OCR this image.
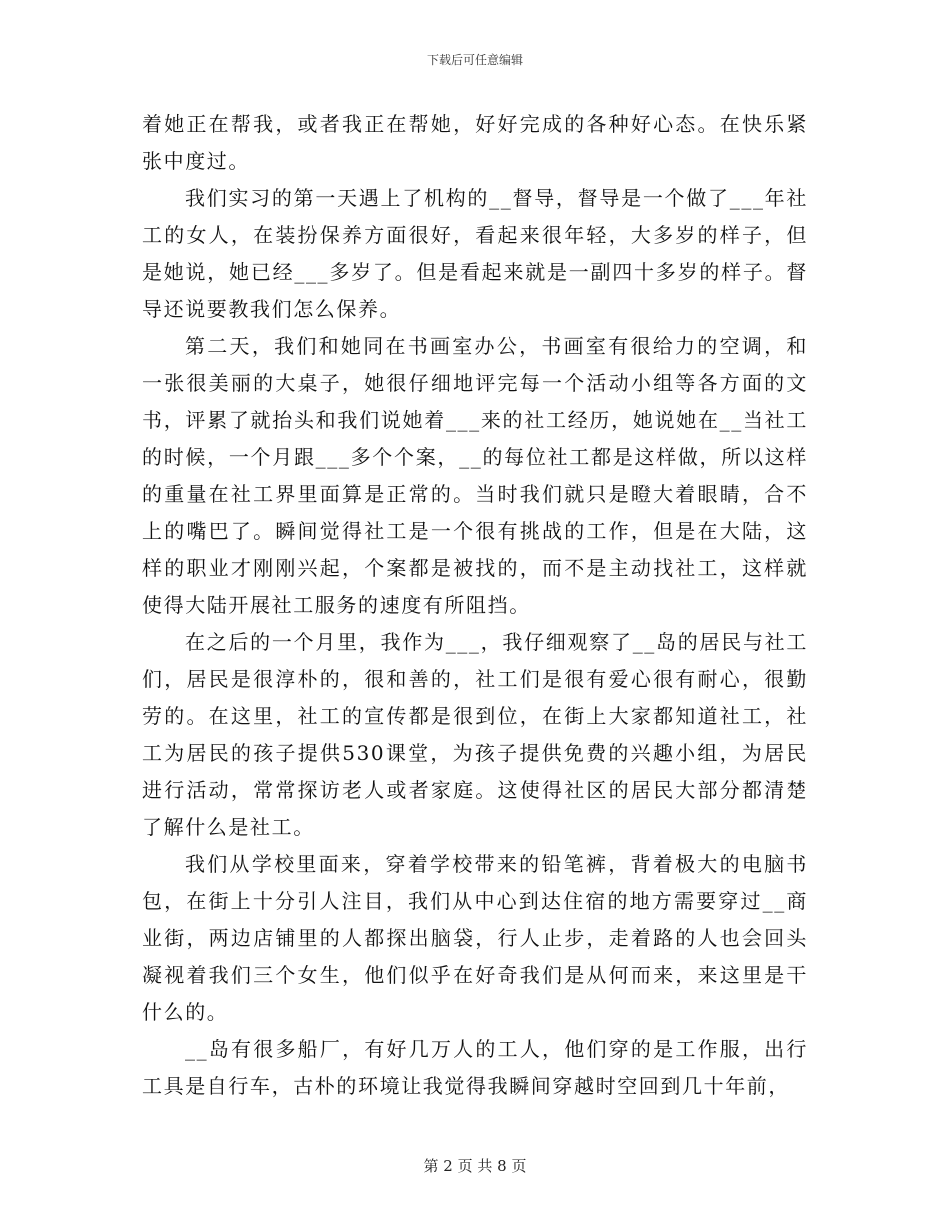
下载后可任意编辑

着她正在帮我，或者我正在帮她，好好完成的各种好心态。在快乐紧张中度过。

我们实习的第一天遇上了机构的__督导，督导是一个做了___年社工的女人，在装扮保养方面很好，看起来很年轻，大多岁的样子，但是她说，她已经___多岁了。但是看起来就是一副四十多岁的样子。督导还说要教我们怎么保养。

第二天，我们和她同在书画室办公，书画室有很给力的空调，和一张很美丽的大桌子，她很仔细地评完每一个活动小组等各方面的文书，评累了就抬头和我们说她着___来的社工经历，她说她在__当社工的时候，一个月跟___多个个案，__的每位社工都是这样做，所以这样的重量在社工界里面算是正常的。当时我们就只是瞪大着眼睛，合不上的嘴巴了。瞬间觉得社工是一个很有挑战的工作，但是在大陆，这样的职业才刚刚兴起，个案都是被找的，而不是主动找社工，这样就使得大陆开展社工服务的速度有所阻挡。

在之后的一个月里，我作为___，我仔细观察了__岛的居民与社工们，居民是很淳朴的，很和善的，社工们是很有爱心很有耐心，很勤劳的。在这里，社工的宣传都是很到位，在街上大家都知道社工，社工为居民的孩子提供530课堂，为孩子提供免费的兴趣小组，为居民进行活动，常常探访老人或者家庭。这使得社区的居民大部分都清楚了解什么是社工。

我们从学校里面来，穿着学校带来的铅笔裤，背着极大的电脑书包，在街上十分引人注目，我们从中心到达住宿的地方需要穿过__商业街，两边店铺里的人都探出脑袋，行人止步，走着路的人也会回头凝视着我们三个女生，他们似乎在好奇我们是从何而来，来这里是干什么的。

__岛有很多船厂，有好几万人的工人，他们穿的是工作服，出行工具是自行车，古朴的环境让我觉得我瞬间穿越时空回到几十年前，

第 2 页 共 8 页
